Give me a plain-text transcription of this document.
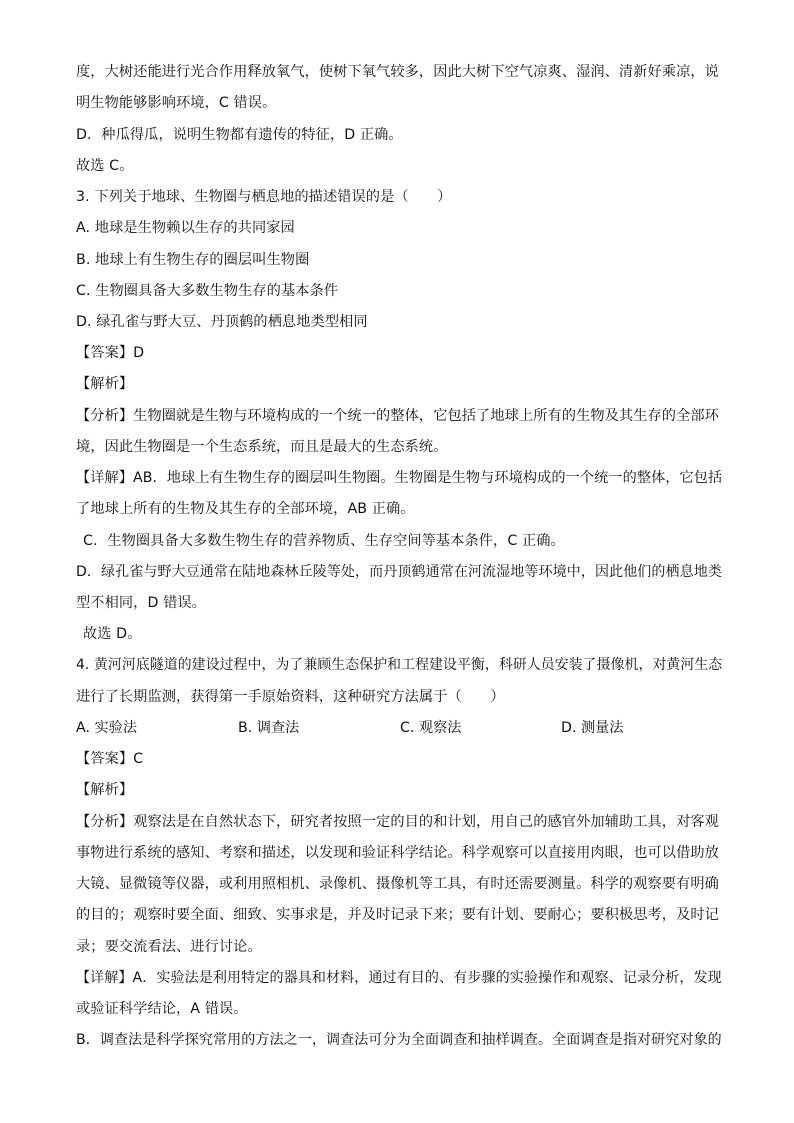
度，大树还能进行光合作用释放氧气，使树下氧气较多，因此大树下空气凉爽、湿润、清新好乘凉，说
明生物能够影响环境，C 错误。
D．种瓜得瓜，说明生物都有遗传的特征，D 正确。
故选 C。
3. 下列关于地球、生物圈与栖息地的描述错误的是（　　）
A. 地球是生物赖以生存的共同家园
B. 地球上有生物生存的圈层叫生物圈
C. 生物圈具备大多数生物生存的基本条件
D. 绿孔雀与野大豆、丹顶鹤的栖息地类型相同
【答案】D
【解析】
【分析】生物圈就是生物与环境构成的一个统一的整体，它包括了地球上所有的生物及其生存的全部环
境，因此生物圈是一个生态系统，而且是最大的生态系统。
【详解】AB．地球上有生物生存的圈层叫生物圈。生物圈是生物与环境构成的一个统一的整体，它包括
了地球上所有的生物及其生存的全部环境，AB 正确。
C．生物圈具备大多数生物生存的营养物质、生存空间等基本条件，C 正确。
D．绿孔雀与野大豆通常在陆地森林丘陵等处，而丹顶鹤通常在河流湿地等环境中，因此他们的栖息地类
型不相同，D 错误。
故选 D。
4. 黄河河底隧道的建设过程中，为了兼顾生态保护和工程建设平衡，科研人员安装了摄像机，对黄河生态
进行了长期监测，获得第一手原始资料，这种研究方法属于（　　）
A. 实验法	B. 调查法	C. 观察法	D. 测量法
【答案】C
【解析】
【分析】观察法是在自然状态下，研究者按照一定的目的和计划，用自己的感官外加辅助工具，对客观
事物进行系统的感知、考察和描述，以发现和验证科学结论。科学观察可以直接用肉眼，也可以借助放
大镜、显微镜等仪器，或利用照相机、录像机、摄像机等工具，有时还需要测量。科学的观察要有明确
的目的；观察时要全面、细致、实事求是，并及时记录下来；要有计划、要耐心；要积极思考，及时记
录；要交流看法、进行讨论。
【详解】A．实验法是利用特定的器具和材料，通过有目的、有步骤的实验操作和观察、记录分析，发现
或验证科学结论，A 错误。
B．调查法是科学探究常用的方法之一，调查法可分为全面调查和抽样调查。全面调查是指对研究对象的
